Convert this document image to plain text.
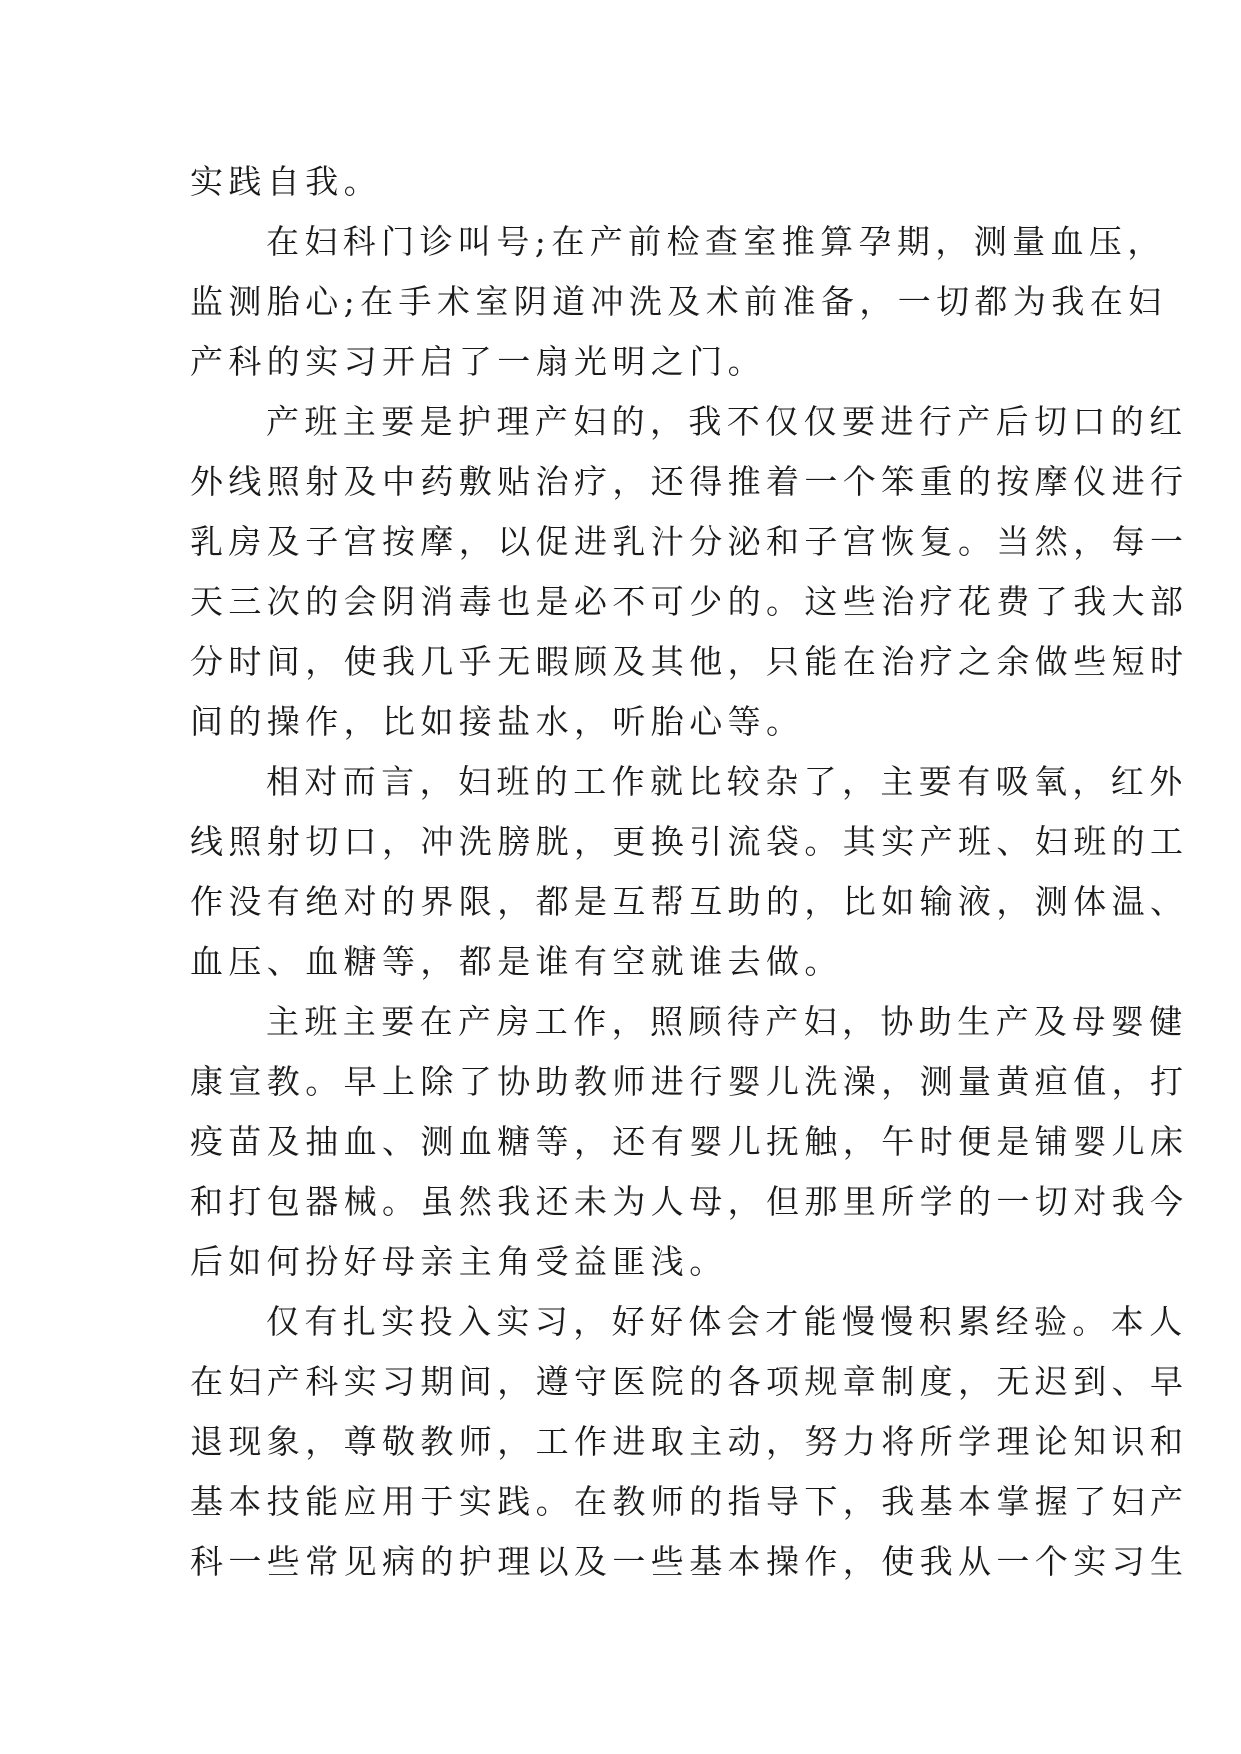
实践自我。
在妇科门诊叫号;在产前检查室推算孕期，测量血压，
监测胎心;在手术室阴道冲洗及术前准备，一切都为我在妇
产科的实习开启了一扇光明之门。
产班主要是护理产妇的，我不仅仅要进行产后切口的红
外线照射及中药敷贴治疗，还得推着一个笨重的按摩仪进行
乳房及子宫按摩，以促进乳汁分泌和子宫恢复。当然，每一
天三次的会阴消毒也是必不可少的。这些治疗花费了我大部
分时间，使我几乎无暇顾及其他，只能在治疗之余做些短时
间的操作，比如接盐水，听胎心等。
相对而言，妇班的工作就比较杂了，主要有吸氧，红外
线照射切口，冲洗膀胱，更换引流袋。其实产班、妇班的工
作没有绝对的界限，都是互帮互助的，比如输液，测体温、
血压、血糖等，都是谁有空就谁去做。
主班主要在产房工作，照顾待产妇，协助生产及母婴健
康宣教。早上除了协助教师进行婴儿洗澡，测量黄疸值，打
疫苗及抽血、测血糖等，还有婴儿抚触，午时便是铺婴儿床
和打包器械。虽然我还未为人母，但那里所学的一切对我今
后如何扮好母亲主角受益匪浅。
仅有扎实投入实习，好好体会才能慢慢积累经验。本人
在妇产科实习期间，遵守医院的各项规章制度，无迟到、早
退现象，尊敬教师，工作进取主动，努力将所学理论知识和
基本技能应用于实践。在教师的指导下，我基本掌握了妇产
科一些常见病的护理以及一些基本操作，使我从一个实习生
